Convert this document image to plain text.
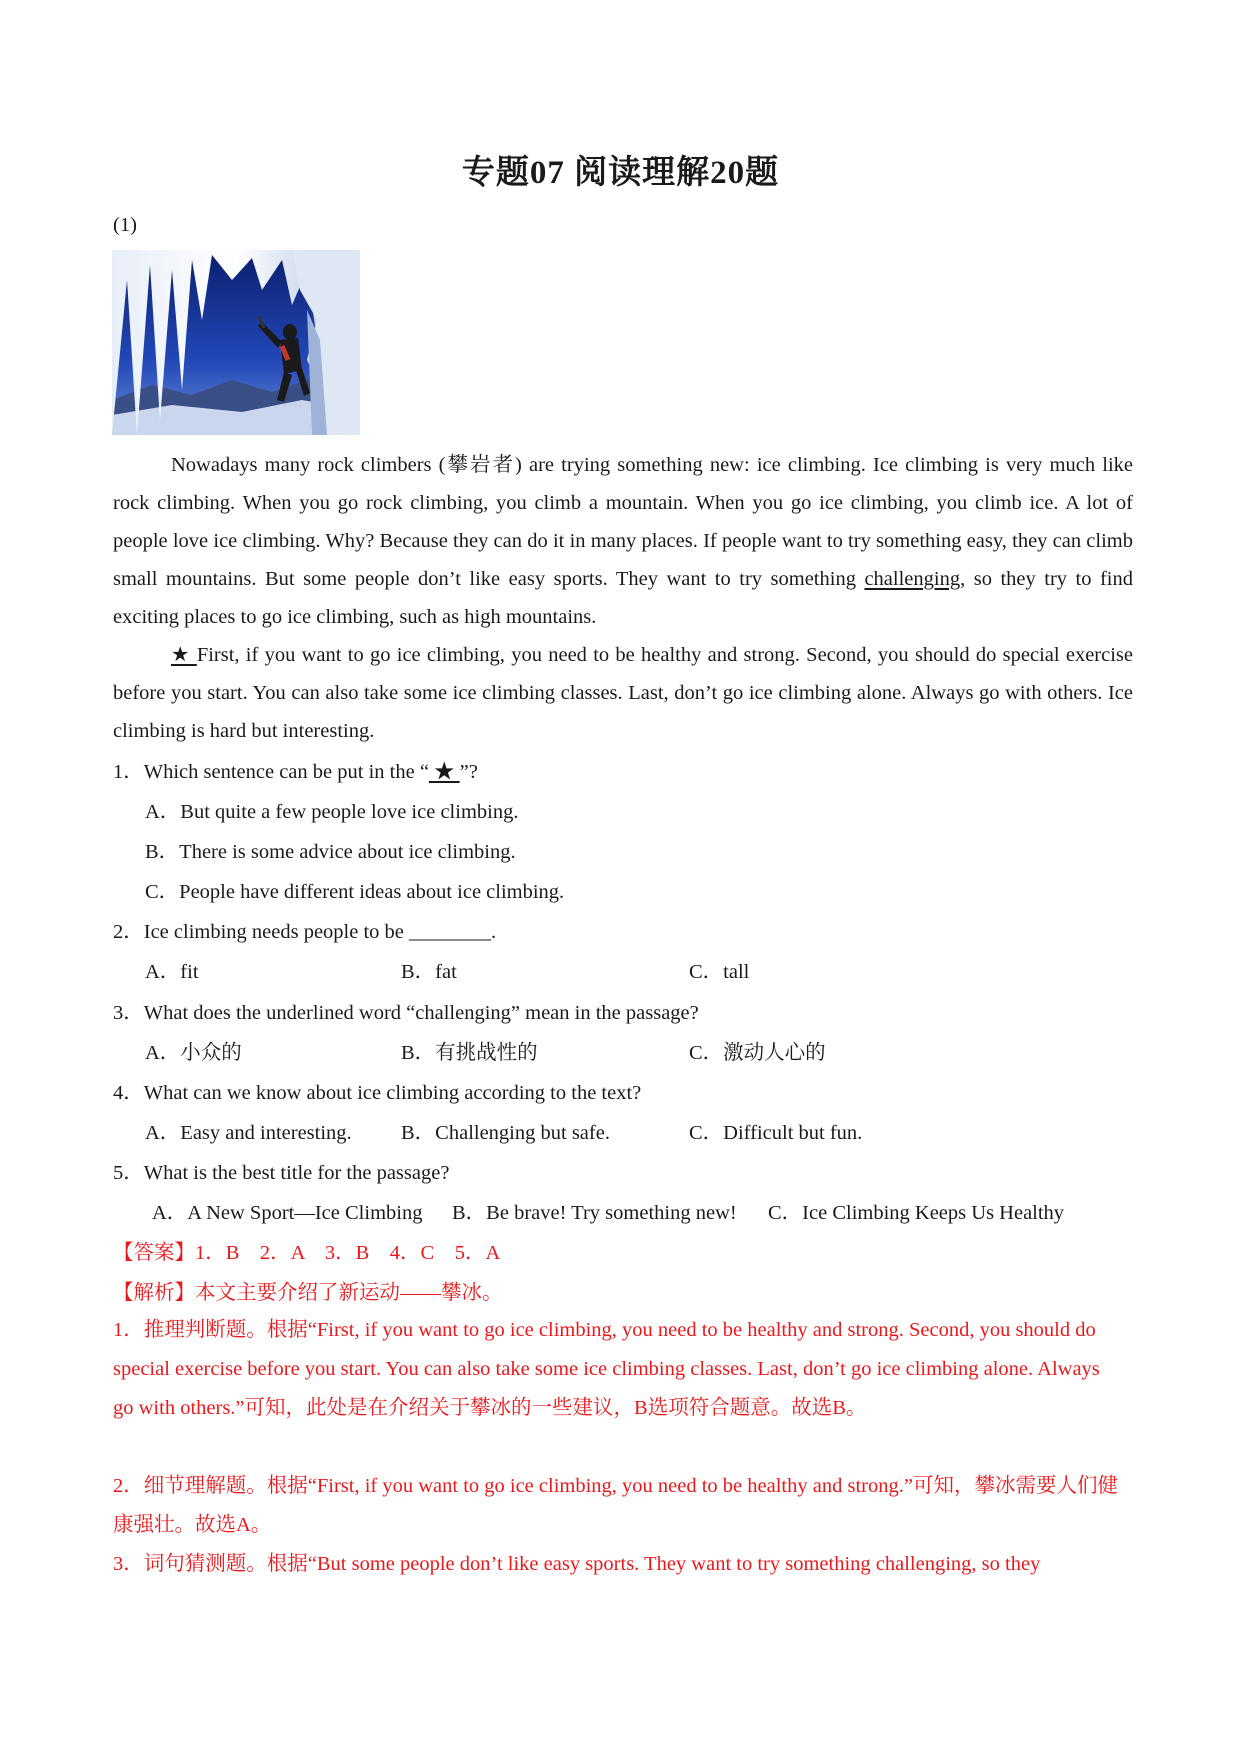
专题07 阅读理解20题
(1)
Nowadays many rock climbers (攀岩者) are trying something new: ice climbing. Ice climbing is very much like rock climbing. When you go rock climbing, you climb a mountain. When you go ice climbing, you climb ice. A lot of people love ice climbing. Why? Because they can do it in many places. If people want to try something easy, they can climb small mountains. But some people don’t like easy sports. They want to try something challenging, so they try to find exciting places to go ice climbing, such as high mountains.
★ First, if you want to go ice climbing, you need to be healthy and strong. Second, you should do special exercise before you start. You can also take some ice climbing classes. Last, don’t go ice climbing alone. Always go with others. Ice climbing is hard but interesting.
1．Which sentence can be put in the “ ★ ”?
A．But quite a few people love ice climbing.
B．There is some advice about ice climbing.
C．People have different ideas about ice climbing.
2．Ice climbing needs people to be ________.
A．fit	B．fat	C．tall
3．What does the underlined word “challenging” mean in the passage?
A．小众的	B．有挑战性的	C．激动人心的
4．What can we know about ice climbing according to the text?
A．Easy and interesting. B．Challenging but safe.	C．Difficult but fun.
5．What is the best title for the passage?
A．A New Sport—Ice Climbing B．Be brave! Try something new! C．Ice Climbing Keeps Us Healthy
【答案】1．B　2．A　3．B　4．C　5．A
【解析】本文主要介绍了新运动——攀冰。
1．推理判断题。根据“First, if you want to go ice climbing, you need to be healthy and strong. Second, you should do special exercise before you start. You can also take some ice climbing classes. Last, don’t go ice climbing alone. Always go with others.”可知，此处是在介绍关于攀冰的一些建议，B选项符合题意。故选B。
2．细节理解题。根据“First, if you want to go ice climbing, you need to be healthy and strong.”可知，攀冰需要人们健康强壮。故选A。
3．词句猜测题。根据“But some people don’t like easy sports. They want to try something challenging, so they
